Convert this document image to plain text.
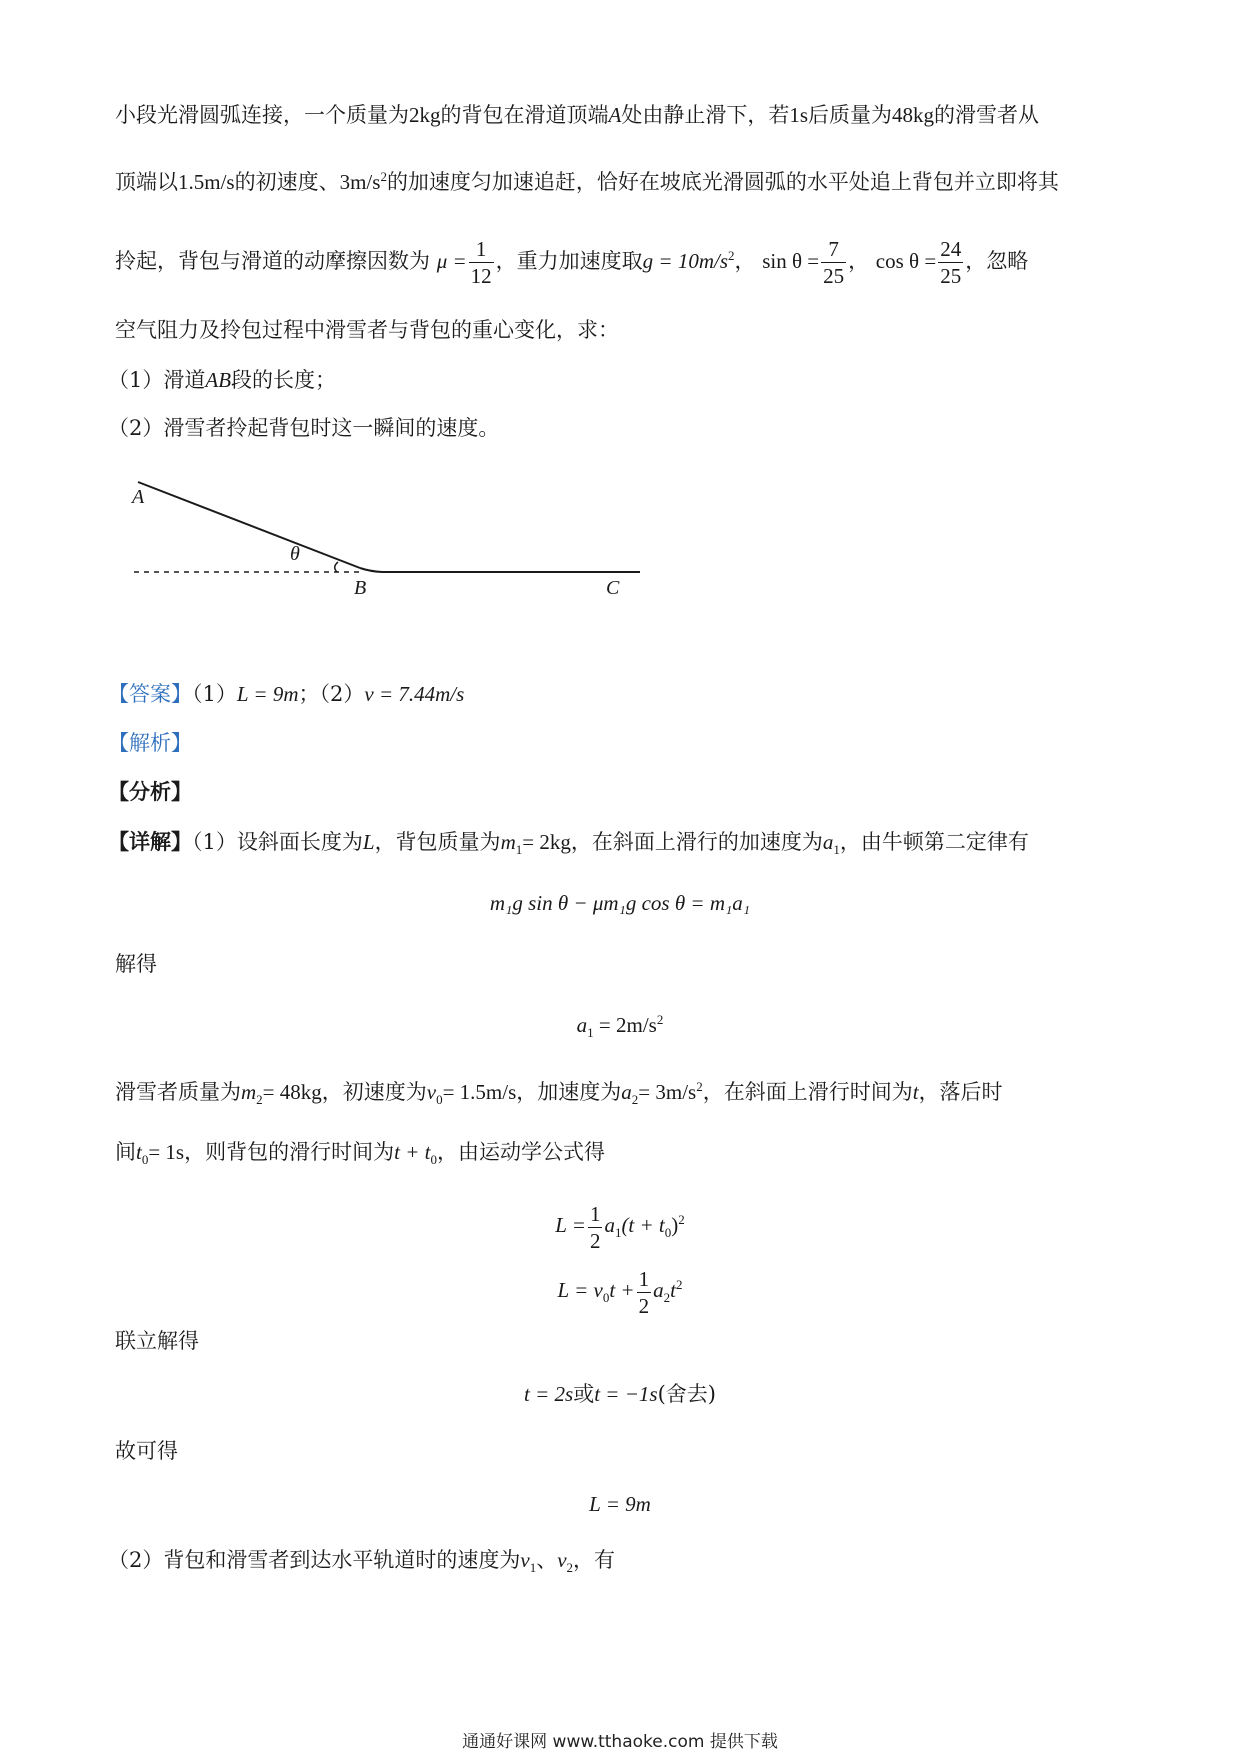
小段光滑圆弧连接，一个质量为2kg的背包在滑道顶端A处由静止滑下，若1s后质量为48kg的滑雪者从
顶端以1.5m/s的初速度、$3m/s^2$的加速度匀加速追赶，恰好在坡底光滑圆弧的水平处追上背包并立即将其
拎起，背包与滑道的动摩擦因数为 $\mu = \frac{1}{12}$ ，重力加速度取$g = 10m/s^2$， $\sin \theta = \frac{7}{25}$ ， $\cos \theta = \frac{24}{25}$ ，忽略
空气阻力及拎包过程中滑雪者与背包的重心变化，求：
（1）滑道AB段的长度；
（2）滑雪者拎起背包时这一瞬间的速度。
A
θ
B	C
【答案】（1）L = 9m；（2）v = 7.44m/s
【解析】
【分析】
【详解】（1）设斜面长度为L，背包质量为$m_1= 2kg$，在斜面上滑行的加速度为$a_1$，由牛顿第二定律有
m₁g sin θ − μm₁g cos θ = m₁a₁
解得
$a_1 = 2m/s^2$
滑雪者质量为$m_2= 48kg$，初速度为$v_0= 1.5m/s$，加速度为$a_2= 3m/s^2$，在斜面上滑行时间为t，落后时
间$t_0= 1s$，则背包的滑行时间为$t + t_0$，由运动学公式得
$L = \frac{1}{2} a_1(t + t_0)^2$
$L = v_0t + \frac{1}{2} a_2t^2$
联立解得
t = 2s或t = −1s(舍去)
故可得
L = 9m
（2）背包和滑雪者到达水平轨道时的速度为$v_1$、$v_2$，有
通通好课网 www.tthaoke.com 提供下载
